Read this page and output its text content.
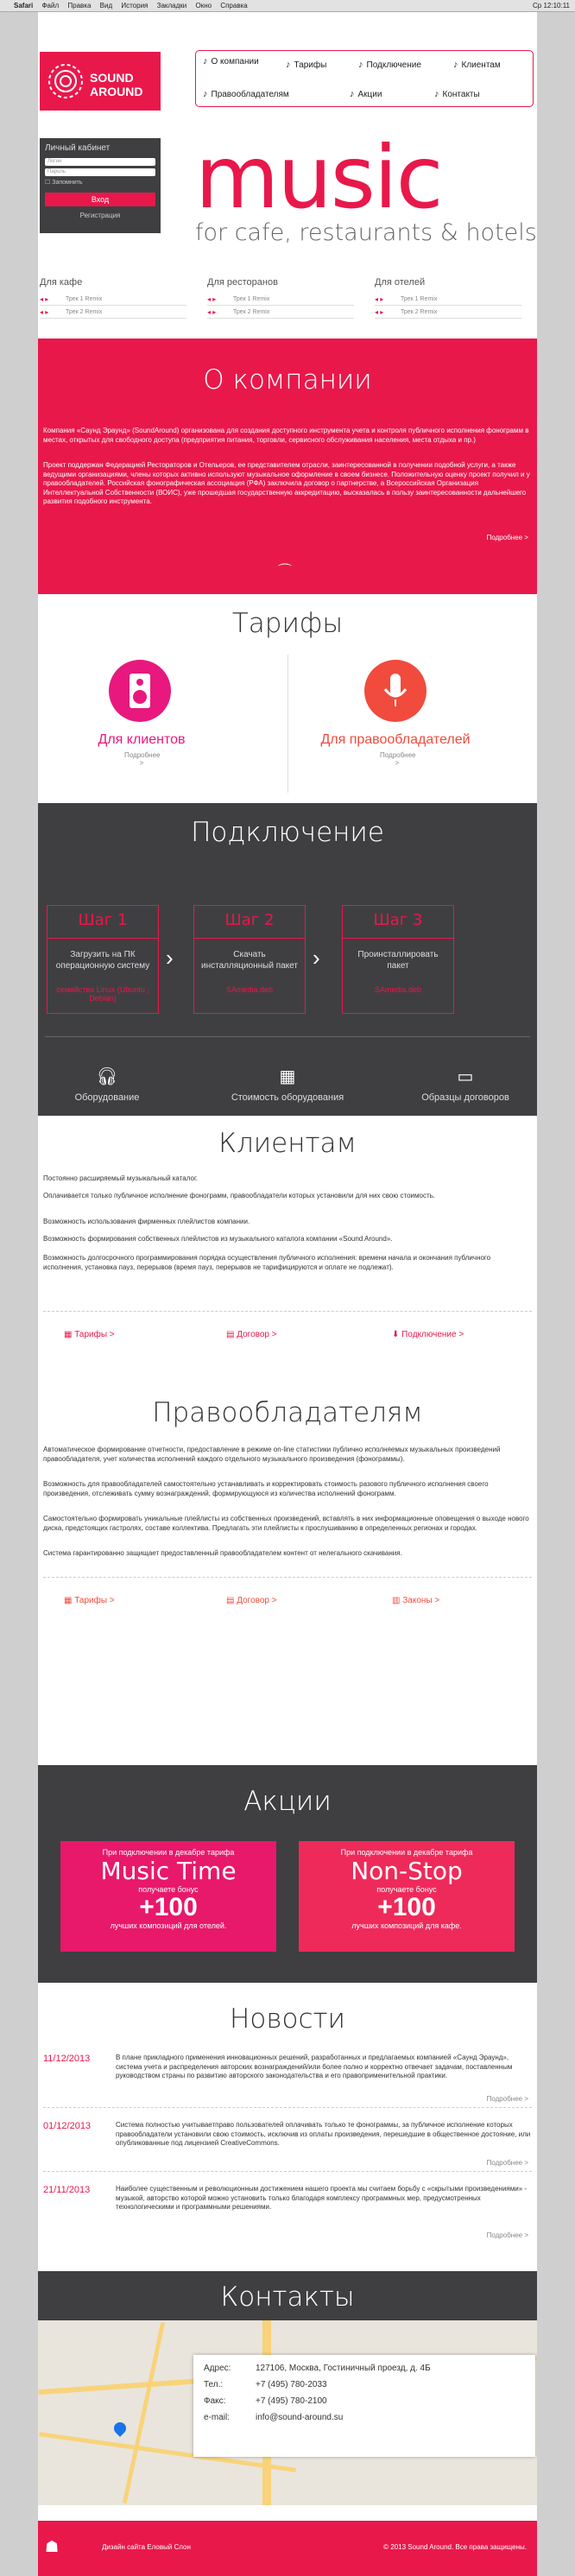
Safari Файл Правка Вид История Закладки Окно Справка	Ср 12:10:11
SOUND
AROUND
♪ О компании	♪ Тарифы	♪ Подключение	♪ Клиентам
♪ Правообладателям	♪ Акции	♪ Контакты
Личный кабинет
Логин
Пароль
☐ Запомнить
Вход
Регистрация music
for cafe, restaurants & hotels
Для кафе
◂ ▸ Трек 1 Remix
◂ ▸ Трек 2 Remix
Для ресторанов
◂ ▸ Трек 1 Remix
◂ ▸ Трек 2 Remix
Для отелей
◂ ▸ Трек 1 Remix
◂ ▸ Трек 2 Remix
О компании
Компания «Саунд Эраунд» (SoundAround) организована для создания доступного инструмента учета и контроля публичного исполнения фонограмм в местах, открытых для свободного доступа (предприятия питания, торговли, сервисного обслуживания населения, места отдыха и пр.)
Проект поддержан Федерацией Рестораторов и Отельеров, ее представителем отрасли, заинтересованной в получении подобной услуги, а также ведущими организациями, члены которых активно используют музыкальное оформление в своем бизнесе. Положительную оценку проект получил и у правообладателей. Российская фонографическая ассоциация (РФА) заключила договор о партнерстве, а Всероссийская Организация Интеллектуальной Собственности (ВОИС), уже прошедшая государственную аккредитацию, высказалась в пользу заинтересованности дальнейшего развития подобного инструмента.
Подробнее >
⌒
Тарифы
Для клиентов
Подробнее >
Для правообладателей
Подробнее >
Подключение
Шаг 1
Загрузить на ПК операционную систему
семейства Linux (Ubuntu , Debian)
›
Шаг 2
Скачать инсталляционный пакет
SAmedia.deb
›
Шаг 3
Проинсталлировать пакет
SAmedia.deb
🎧︎
Оборудование
▦
Стоимость оборудования
▭
Образцы договоров
Клиентам
Постоянно расширяемый музыкальный каталог.
Оплачивается только публичное исполнение фонограмм, правообладатели которых установили для них свою стоимость.
Возможность использования фирменных плейлистов компании.
Возможность формирования собственных плейлистов из музыкального каталога компании «Sound Around».
Возможность долгосрочного программирования порядка осуществления публичного исполнения: времени начала и окончания публичного исполнения, установка пауз, перерывов (время пауз, перерывов не тарифицируются и оплате не подлежат).
▦ Тарифы >	▤ Договор >	⬇ Подключение >
Правообладателям
Автоматическое формирование отчетности, предоставление в режиме on-line статистики публично исполняемых музыкальных произведений правообладателя, учет количества исполнений каждого отдельного музыкального произведения (фонограммы).
Возможность для правообладателей самостоятельно устанавливать и корректировать стоимость разового публичного исполнения своего произведения, отслеживать сумму вознаграждений, формирующуюся из количества исполнений фонограмм.
Самостоятельно формировать уникальные плейлисты из собственных произведений, вставлять в них информационные оповещения о выходе нового диска, предстоящих гастролях, составе коллектива. Предлагать эти плейлисты к прослушиванию в определенных регионах и городах.
Система гарантированно защищает предоставленный правообладателем контент от нелегального скачивания.
▦ Тарифы >	▤ Договор >	▥ Законы >
Акции
При подключении в декабре тарифа
Music Time
получаете бонус
+100
лучших композиций для отелей.
При подключении в декабре тарифа
Non-Stop
получаете бонус
+100
лучших композиций для кафе.
Новости
11/12/2013	В плане прикладного применения инновационных решений, разработанных и предлагаемых компанией «Саунд Эраунд», система учета и распределения авторских вознаграждений/или более полно и корректно отвечает задачам, поставленным руководством страны по развитию авторского законодательства и его правоприменительной практики.
Подробнее >
01/12/2013	Система полностью учитываетправо пользователей оплачивать только те фонограммы, за публичное исполнение которых правообладатели установили свою стоимость, исключив из оплаты произведения, перешедшие в общественное достояние, или опубликованные под лицензией CreativeCommons.
Подробнее >
21/11/2013	Наиболее существенным и революционным достижением нашего проекта мы считаем борьбу с «скрытыми произведениями» - музыкой, авторство которой можно установить только благодаря комплексу программных мер, предусмотренных технологическими и программными решениями.
Подробнее >
Контакты
Адрес:	127106, Москва, Гостиничный проезд, д. 4Б
Тел.:	+7 (495) 780-2033
Факс:	+7 (495) 780-2100
e-mail:	info@sound-around.su
☗	Дизайн сайта Еловый Слон	© 2013 Sound Around. Все права защищены.
